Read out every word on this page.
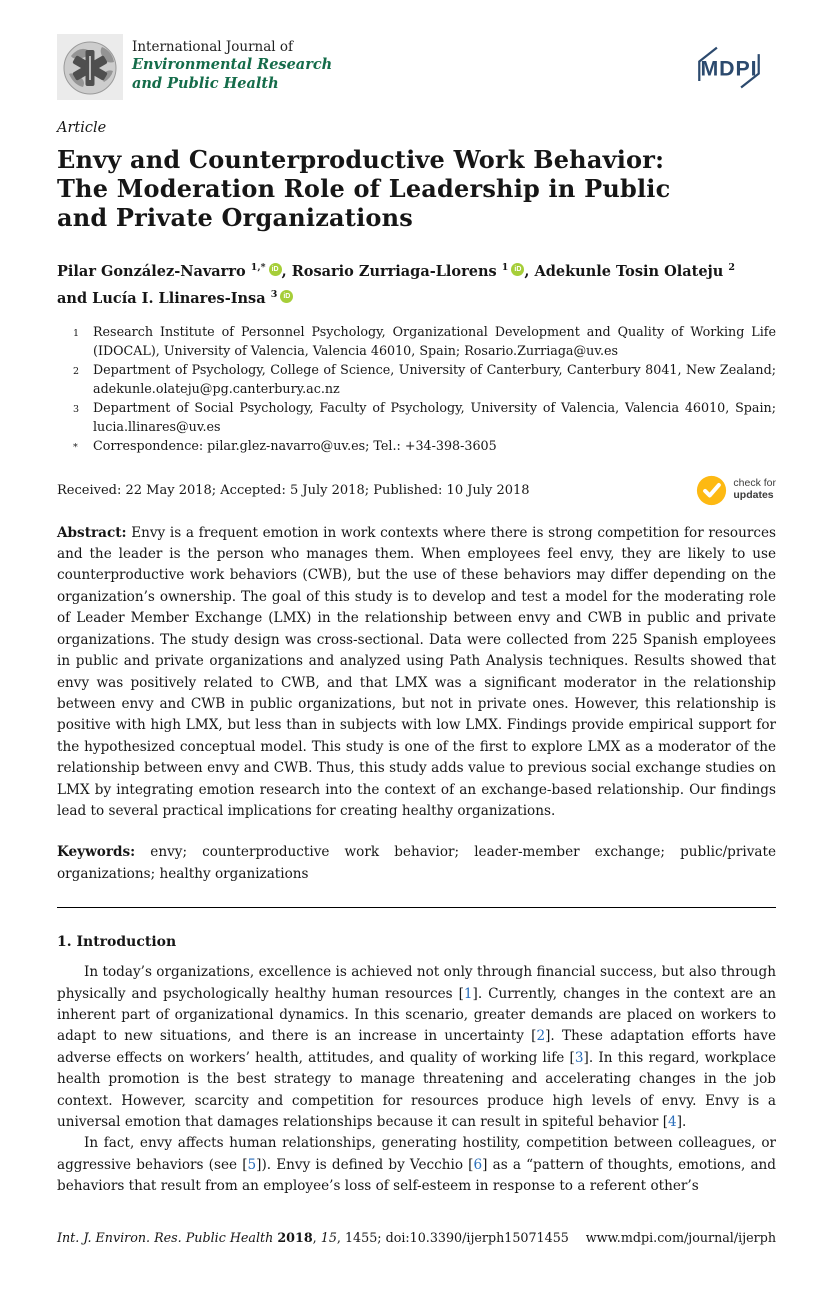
International Journal of
Environmental Research
and Public Health
MDPI
Article
Envy and Counterproductive Work Behavior:
The Moderation Role of Leadership in Public
and Private Organizations
Pilar González-Navarro $^{1,*}$ iD , Rosario Zurriaga-Llorens $^1$ iD , Adekunle Tosin Olateju $^2$
and Lucía I. Llinares-Insa $^3$ iD
1	Research Institute of Personnel Psychology, Organizational Development and Quality of Working Life (IDOCAL), University of Valencia, Valencia 46010, Spain; Rosario.Zurriaga@uv.es
2	Department of Psychology, College of Science, University of Canterbury, Canterbury 8041, New Zealand; adekunle.olateju@pg.canterbury.ac.nz
3	Department of Social Psychology, Faculty of Psychology, University of Valencia, Valencia 46010, Spain; lucia.llinares@uv.es
*	Correspondence: pilar.glez-navarro@uv.es; Tel.: +34-398-3605
Received: 22 May 2018; Accepted: 5 July 2018; Published: 10 July 2018	check for
updates
Abstract: Envy is a frequent emotion in work contexts where there is strong competition for resources and the leader is the person who manages them. When employees feel envy, they are likely to use counterproductive work behaviors (CWB), but the use of these behaviors may differ depending on the organization’s ownership. The goal of this study is to develop and test a model for the moderating role of Leader Member Exchange (LMX) in the relationship between envy and CWB in public and private organizations. The study design was cross-sectional. Data were collected from 225 Spanish employees in public and private organizations and analyzed using Path Analysis techniques. Results showed that envy was positively related to CWB, and that LMX was a significant moderator in the relationship between envy and CWB in public organizations, but not in private ones. However, this relationship is positive with high LMX, but less than in subjects with low LMX. Findings provide empirical support for the hypothesized conceptual model. This study is one of the first to explore LMX as a moderator of the relationship between envy and CWB. Thus, this study adds value to previous social exchange studies on LMX by integrating emotion research into the context of an exchange-based relationship. Our findings lead to several practical implications for creating healthy organizations.
Keywords: envy; counterproductive work behavior; leader-member exchange; public/private organizations; healthy organizations
1. Introduction

In today’s organizations, excellence is achieved not only through financial success, but also through physically and psychologically healthy human resources [1]. Currently, changes in the context are an inherent part of organizational dynamics. In this scenario, greater demands are placed on workers to adapt to new situations, and there is an increase in uncertainty [2]. These adaptation efforts have adverse effects on workers’ health, attitudes, and quality of working life [3]. In this regard, workplace health promotion is the best strategy to manage threatening and accelerating changes in the job context. However, scarcity and competition for resources produce high levels of envy. Envy is a universal emotion that damages relationships because it can result in spiteful behavior [4].

In fact, envy affects human relationships, generating hostility, competition between colleagues, or aggressive behaviors (see [5]). Envy is defined by Vecchio [6] as a “pattern of thoughts, emotions, and behaviors that result from an employee’s loss of self-esteem in response to a referent other’s

Int. J. Environ. Res. Public Health 2018, 15, 1455; doi:10.3390/ijerph15071455 www.mdpi.com/journal/ijerph
